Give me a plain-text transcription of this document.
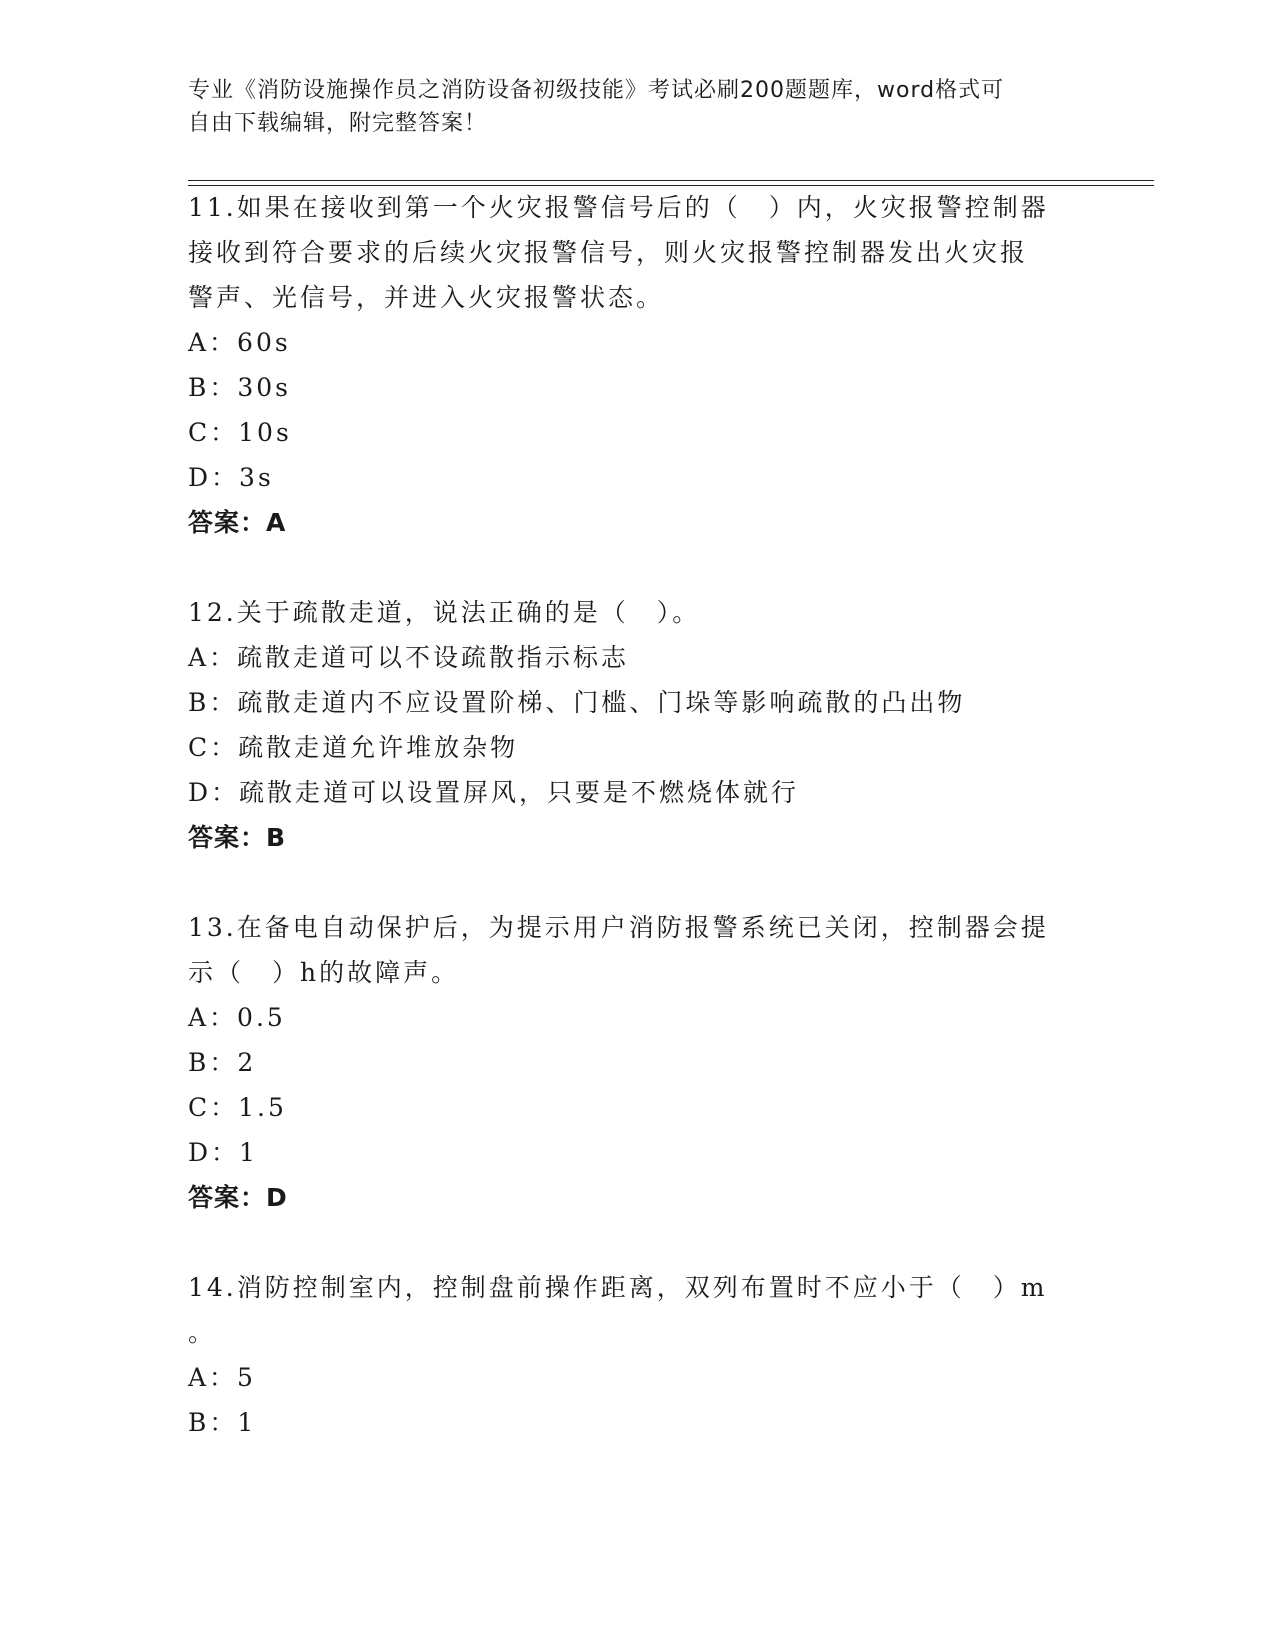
专业《消防设施操作员之消防设备初级技能》考试必刷200题题库，word格式可
自由下载编辑，附完整答案！
11.如果在接收到第一个火灾报警信号后的（　）内，火灾报警控制器
接收到符合要求的后续火灾报警信号，则火灾报警控制器发出火灾报
警声、光信号，并进入火灾报警状态。
A：60s
B：30s
C：10s
D：3s
答案：A
12.关于疏散走道，说法正确的是（　）。
A：疏散走道可以不设疏散指示标志
B：疏散走道内不应设置阶梯、门槛、门垛等影响疏散的凸出物
C：疏散走道允许堆放杂物
D：疏散走道可以设置屏风，只要是不燃烧体就行
答案：B
13.在备电自动保护后，为提示用户消防报警系统已关闭，控制器会提
示（　）h的故障声。
A：0.5
B：2
C：1.5
D：1
答案：D
14.消防控制室内，控制盘前操作距离，双列布置时不应小于（　）m
。
A：5
B：1
